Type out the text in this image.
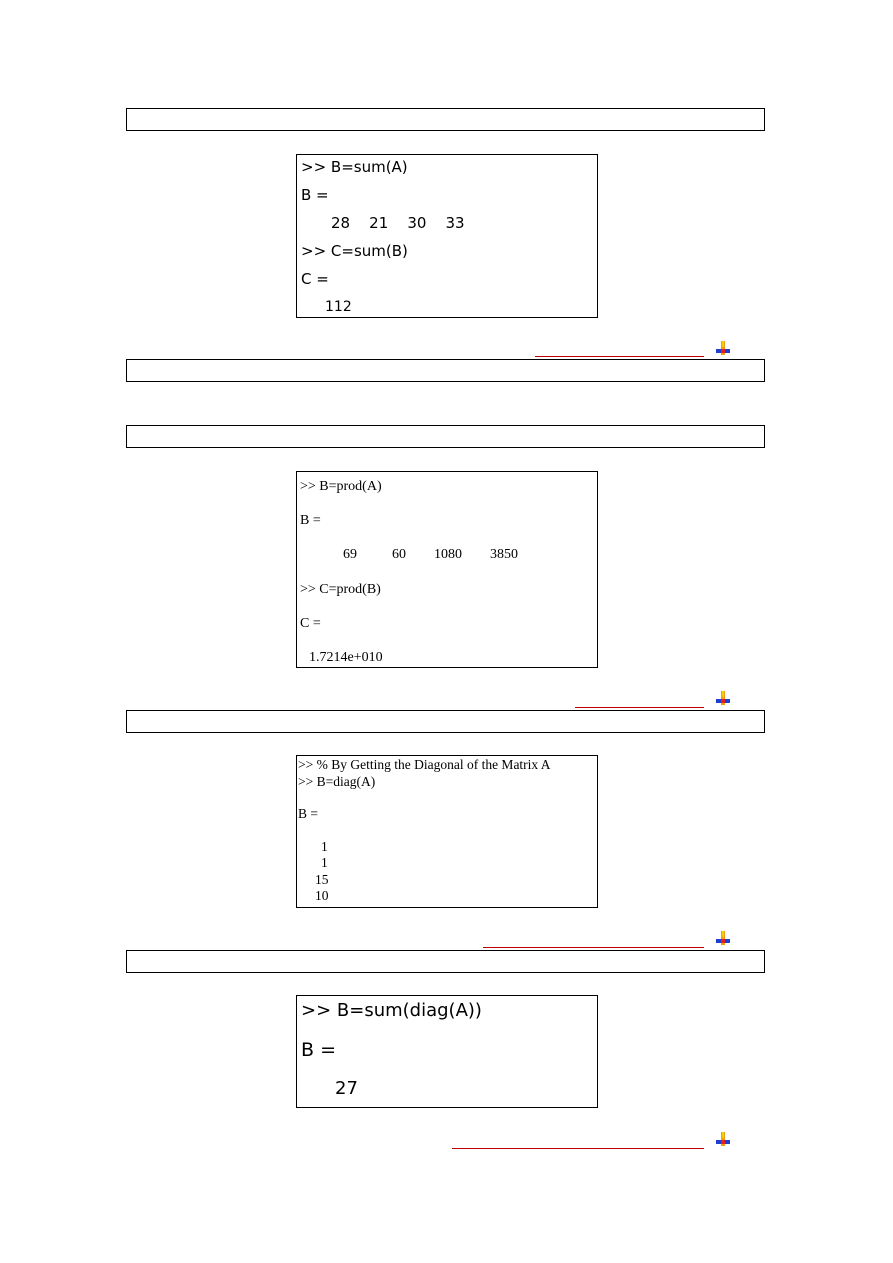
>> B=sum(A)
B =
28    21    30    33
>> C=sum(B)
C =
112
>> B=prod(A)
B =
69          60        1080        3850
>> C=prod(B)
C =
1.7214e+010
>> % By Getting the Diagonal of the Matrix A
>> B=diag(A)
B =
1
1
15
10
>> B=sum(diag(A))
B =
27
